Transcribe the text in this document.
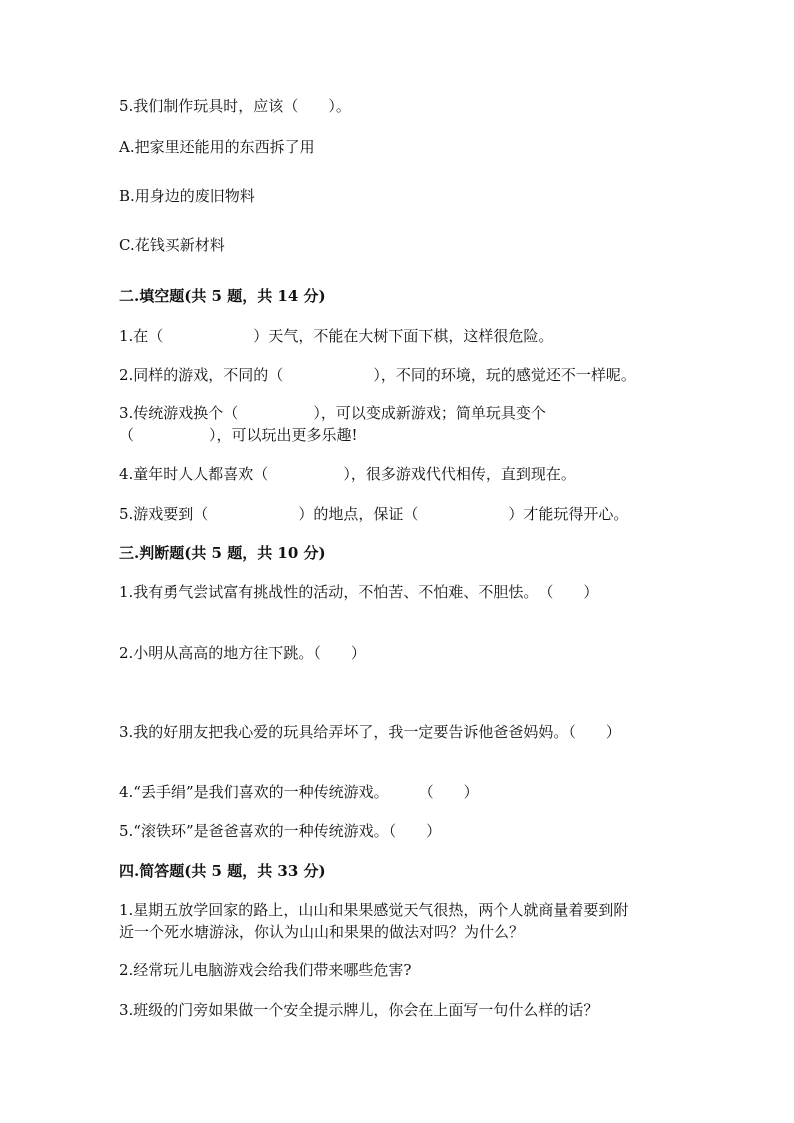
5.我们制作玩具时，应该（　　）。
A.把家里还能用的东西拆了用
B.用身边的废旧物料
C.花钱买新材料
二.填空题(共 5 题，共 14 分)
1.在（　　　　　　）天气，不能在大树下面下棋，这样很危险。
2.同样的游戏，不同的（　　　　　　），不同的环境，玩的感觉还不一样呢。
3.传统游戏换个（　　　　　），可以变成新游戏；简单玩具变个（　　　　　），可以玩出更多乐趣!
4.童年时人人都喜欢（　　　　　），很多游戏代代相传，直到现在。
5.游戏要到（　　　　　　）的地点，保证（　　　　　　）才能玩得开心。
三.判断题(共 5 题，共 10 分)
1.我有勇气尝试富有挑战性的活动，不怕苦、不怕难、不胆怯。　（　　）
2.小明从高高的地方往下跳。（　　）
3.我的好朋友把我心爱的玩具给弄坏了，我一定要告诉他爸爸妈妈。（　　）
4.“丢手绢”是我们喜欢的一种传统游戏。　　　（　　）
5.“滚铁环”是爸爸喜欢的一种传统游戏。（　　）
四.简答题(共 5 题，共 33 分)
1.星期五放学回家的路上，山山和果果感觉天气很热，两个人就商量着要到附近一个死水塘游泳，你认为山山和果果的做法对吗？为什么？
2.经常玩儿电脑游戏会给我们带来哪些危害?
3.班级的门旁如果做一个安全提示牌儿，你会在上面写一句什么样的话？
